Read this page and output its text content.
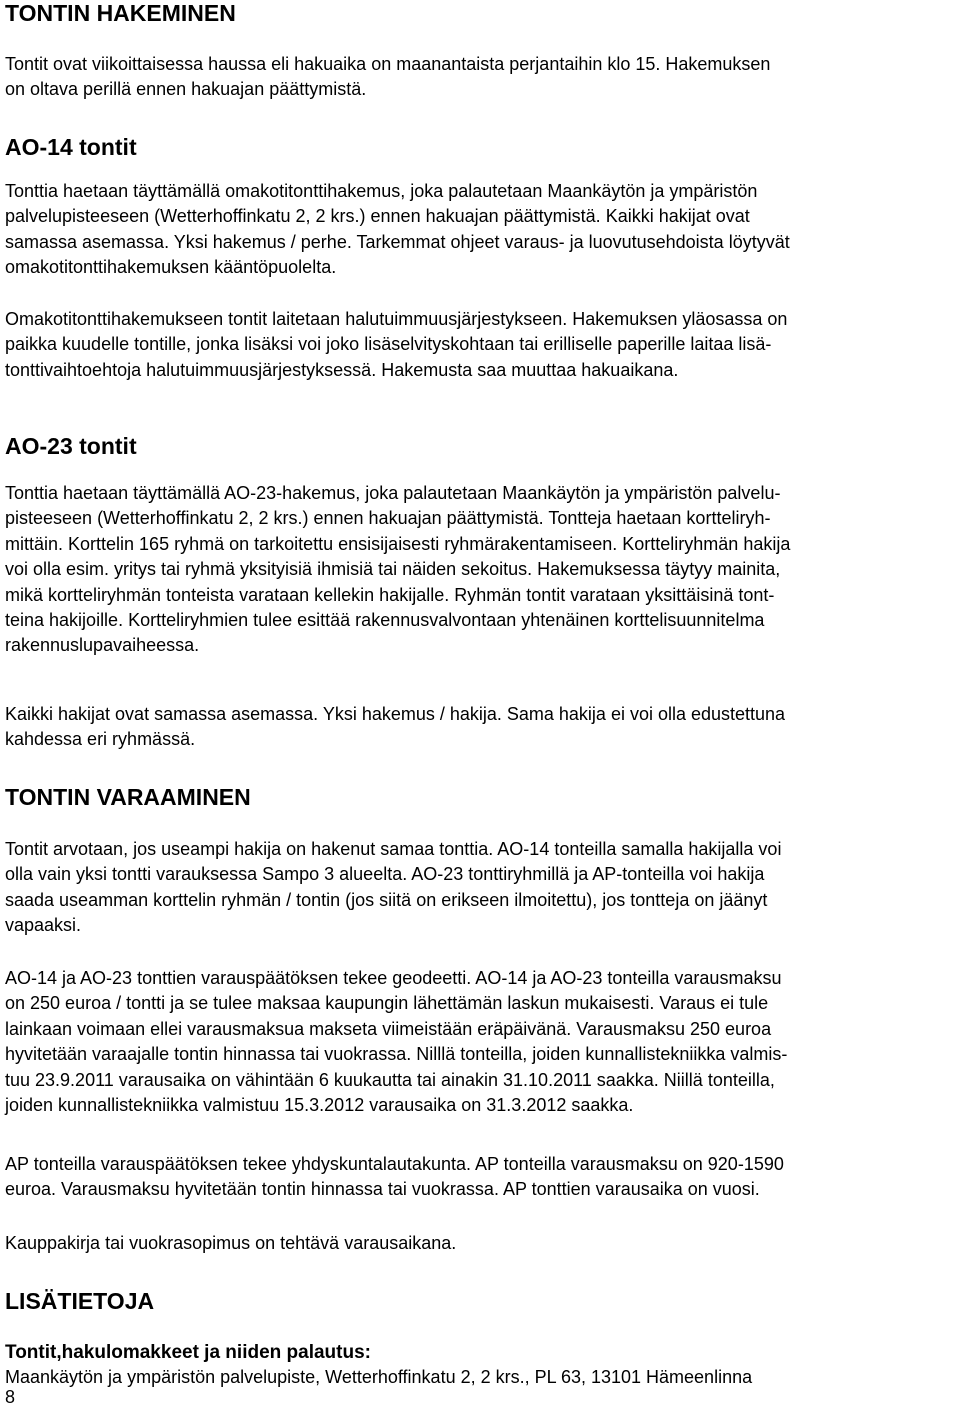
TONTIN HAKEMINEN
Tontit ovat viikoittaisessa haussa eli hakuaika on maanantaista perjantaihin klo 15. Hakemuksen
on oltava perillä ennen hakuajan päättymistä.
AO-14 tontit
Tonttia haetaan täyttämällä omakotitonttihakemus, joka palautetaan Maankäytön ja ympäristön
palvelupisteeseen (Wetterhoffinkatu 2, 2 krs.) ennen hakuajan päättymistä. Kaikki hakijat ovat
samassa asemassa. Yksi hakemus / perhe. Tarkemmat ohjeet varaus- ja luovutusehdoista löytyvät
omakotitonttihakemuksen kääntöpuolelta.
Omakotitonttihakemukseen tontit laitetaan halutuimmuusjärjestykseen. Hakemuksen yläosassa on
paikka kuudelle tontille, jonka lisäksi voi joko lisäselvityskohtaan tai erilliselle paperille laitaa lisä-
tonttivaihtoehtoja halutuimmuusjärjestyksessä. Hakemusta saa muuttaa hakuaikana.
AO-23 tontit
Tonttia haetaan täyttämällä AO-23-hakemus, joka palautetaan Maankäytön ja ympäristön palvelu-
pisteeseen (Wetterhoffinkatu 2, 2 krs.) ennen hakuajan päättymistä. Tontteja haetaan kortteliryh-
mittäin. Korttelin 165 ryhmä on tarkoitettu ensisijaisesti ryhmärakentamiseen. Kortteliryhmän hakija
voi olla esim. yritys tai ryhmä yksityisiä ihmisiä tai näiden sekoitus. Hakemuksessa täytyy mainita,
mikä kortteliryhmän tonteista varataan kellekin hakijalle. Ryhmän tontit varataan yksittäisinä tont-
teina hakijoille. Kortteliryhmien tulee esittää rakennusvalvontaan yhtenäinen korttelisuunnitelma
rakennuslupavaiheessa.
Kaikki hakijat ovat samassa asemassa. Yksi hakemus / hakija. Sama hakija ei voi olla edustettuna
kahdessa eri ryhmässä.
TONTIN VARAAMINEN
Tontit arvotaan, jos useampi hakija on hakenut samaa tonttia. AO-14 tonteilla samalla hakijalla voi
olla vain yksi tontti varauksessa Sampo 3 alueelta. AO-23 tonttiryhmillä ja AP-tonteilla voi hakija
saada useamman korttelin ryhmän / tontin (jos siitä on erikseen ilmoitettu), jos tontteja on jäänyt
vapaaksi.
AO-14 ja AO-23 tonttien varauspäätöksen tekee geodeetti. AO-14 ja AO-23 tonteilla varausmaksu
on 250 euroa / tontti ja se tulee maksaa kaupungin lähettämän laskun mukaisesti. Varaus ei tule
lainkaan voimaan ellei varausmaksua makseta viimeistään eräpäivänä. Varausmaksu 250 euroa
hyvitetään varaajalle tontin hinnassa tai vuokrassa. Nilllä tonteilla, joiden kunnallistekniikka valmis-
tuu 23.9.2011 varausaika on vähintään 6 kuukautta tai ainakin 31.10.2011 saakka. Niillä tonteilla,
joiden kunnallistekniikka valmistuu 15.3.2012 varausaika on 31.3.2012 saakka.
AP tonteilla varauspäätöksen tekee yhdyskuntalautakunta. AP tonteilla varausmaksu on 920-1590
euroa. Varausmaksu hyvitetään tontin hinnassa tai vuokrassa. AP tonttien varausaika on vuosi.
Kauppakirja tai vuokrasopimus on tehtävä varausaikana.
LISÄTIETOJA
Tontit,hakulomakkeet ja niiden palautus:
Maankäytön ja ympäristön palvelupiste, Wetterhoffinkatu 2, 2 krs., PL 63, 13101 Hämeenlinna
8
